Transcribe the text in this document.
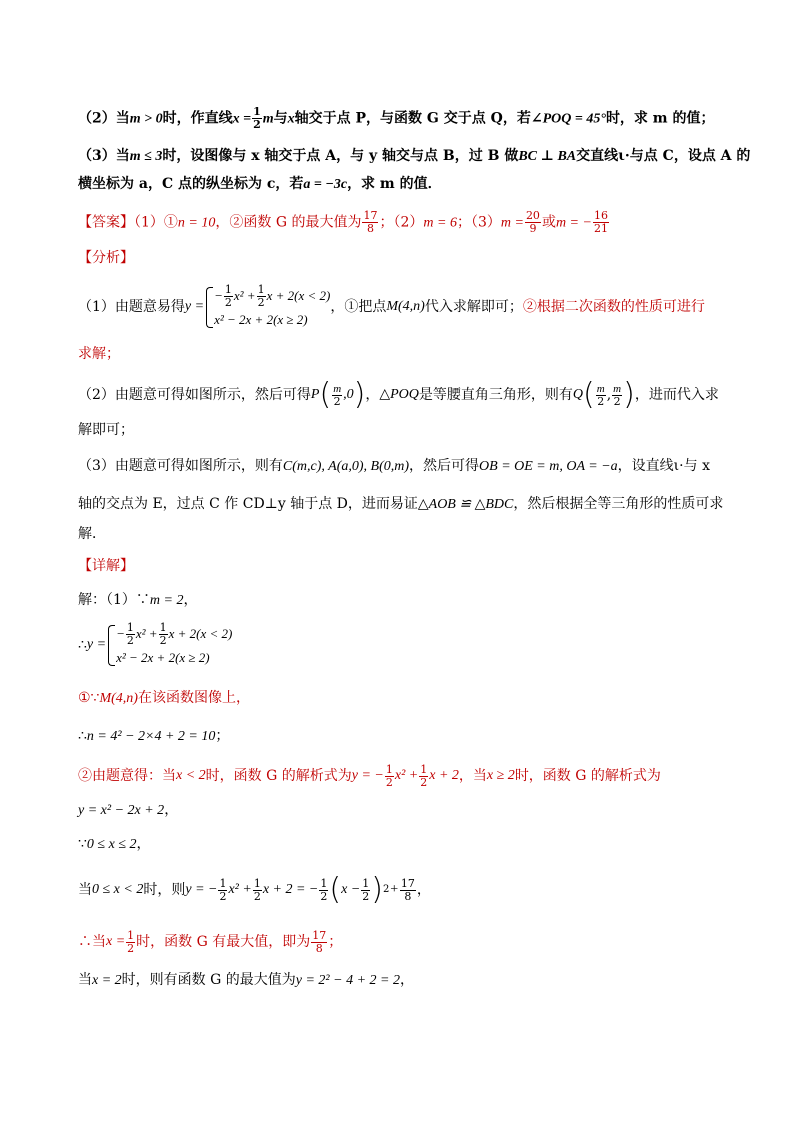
（2）当m > 0时，作直线$x = \frac{1}{2}$ m与x轴交于点 P，与函数 G 交于点 Q，若∠POQ = 45°时，求 m 的值；
（3）当m ≤ 3时，设图像与 x 轴交于点 A，与 y 轴交与点 B，过 B 做BC ⊥ BA交直线ι·与点 C，设点 A 的
横坐标为 a，C 点的纵坐标为 c，若a = −3c，求 m 的值．
【答案】（1）①n = 10，②函数 G 的最大值为 $\frac{17}{8}$ ；（2）m = 6；$(3)m = \frac{20}{9}$ 或m = − $\frac{16}{21}$
【分析】
（1）由题意易得 y =
− $\frac{1}{2} x^2 + \frac{1}{2}$ x + 2(x < 2)
x² − 2x + 2(x ≥ 2)
，①把点 M(4,n) 代入求解即可； ②根据二次函数的性质可进行
求解；
（2）由题意可得如图所示，然后可得 P ( $\frac{m}{2} ,0$ ) ， △POQ 是等腰直角三角形，则有 Q ( $\frac{m}{2}$ , $\frac{m}{2}$ ) ，进而代入求
解即可；
（3）由题意可得如图所示，则有C(m,c), A(a,0), B(0,m)，然后可得OB = OE = m, OA = −a，设直线ι·与 x
轴的交点为 E，过点 C 作 CD⊥y 轴于点 D，进而易证△AOB ≌ △BDC，然后根据全等三角形的性质可求
解．
【详解】
解：（1）∵m = 2，
∴ y =
− $\frac{1}{2} x^2 + \frac{1}{2}$ x + 2(x < 2)
x² − 2x + 2(x ≥ 2)
①∵M(4,n)在该函数图像上，
∴n = 4² − 2×4 + 2 = 10；
②由题意得：当 x < 2 时，函数 G 的解析式为 y = − $\frac{1}{2} x^2 + \frac{1}{2}$ x + 2 ，当 x ≥ 2 时，函数 G 的解析式为
y = x² − 2x + 2，
∵0 ≤ x ≤ 2，
当 0 ≤ x < 2 时，则 y = − $\frac{1}{2} x^2 + \frac{1}{2}$ x + 2 = − $\frac{1}{2}$ ( $x - \frac{1}{2}$ ) $2 + \frac{17}{8}$ ，
∴当 $x = \frac{1}{2}$ 时，函数 G 有最大值，即为 $\frac{17}{8}$ ；
当x = 2时，则有函数 G 的最大值为y = 2² − 4 + 2 = 2，
